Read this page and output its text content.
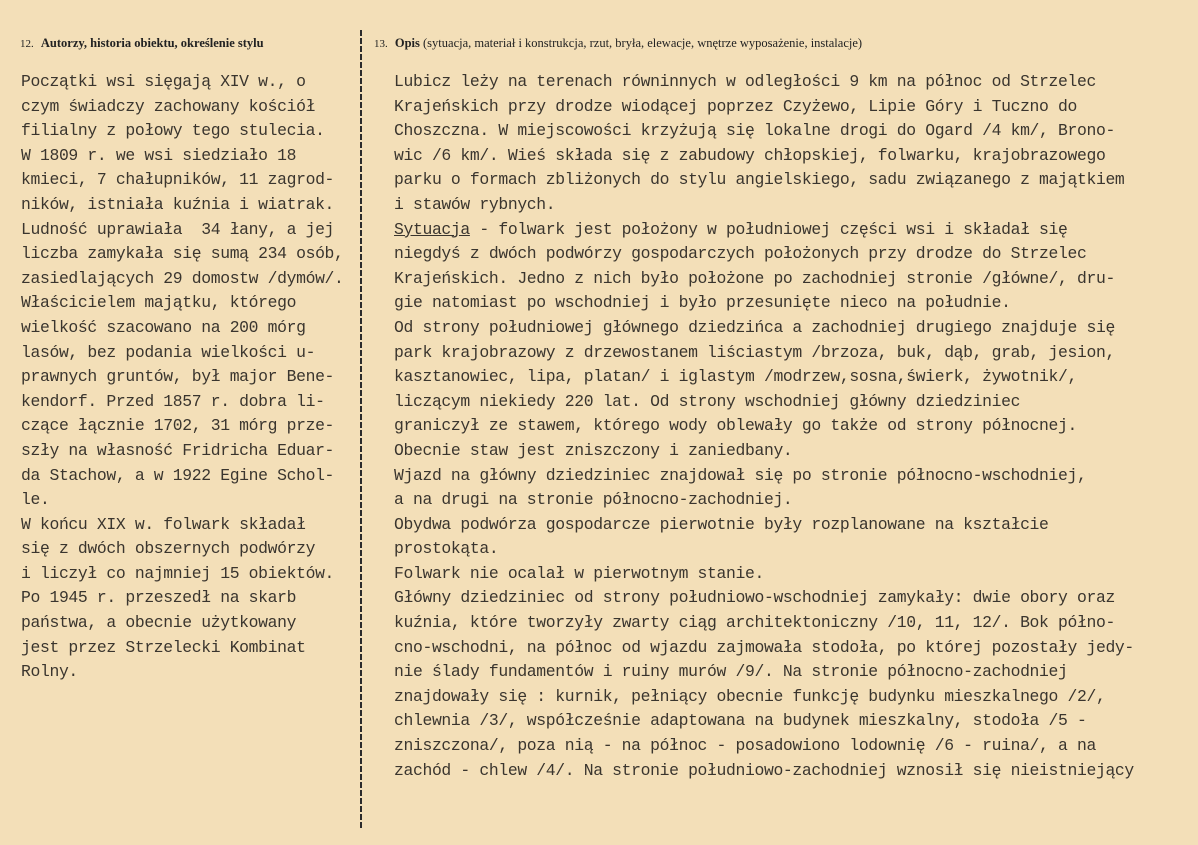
12. Autorzy, historia obiektu, określenie stylu	13. Opis (sytuacja, materiał i konstrukcja, rzut, bryła, elewacje, wnętrze wyposażenie, instalacje)
Początki wsi sięgają XIV w., o
czym świadczy zachowany kościół
filialny z połowy tego stulecia.
W 1809 r. we wsi siedziało 18
kmieci, 7 chałupników, 11 zagrod-
ników, istniała kuźnia i wiatrak.
Ludność uprawiała  34 łany, a jej
liczba zamykała się sumą 234 osób,
zasiedlających 29 domostw /dymów/.
Właścicielem majątku, którego
wielkość szacowano na 200 mórg
lasów, bez podania wielkości u-
prawnych gruntów, był major Bene-
kendorf. Przed 1857 r. dobra li-
czące łącznie 1702, 31 mórg prze-
szły na własność Fridricha Eduar-
da Stachow, a w 1922 Egine Schol-
le.
W końcu XIX w. folwark składał
się z dwóch obszernych podwórzy
i liczył co najmniej 15 obiektów.
Po 1945 r. przeszedł na skarb
państwa, a obecnie użytkowany
jest przez Strzelecki Kombinat
Rolny.
Lubicz leży na terenach równinnych w odległości 9 km na północ od Strzelec
Krajeńskich przy drodze wiodącej poprzez Czyżewo, Lipie Góry i Tuczno do
Choszczna. W miejscowości krzyżują się lokalne drogi do Ogard /4 km/, Brono-
wic /6 km/. Wieś składa się z zabudowy chłopskiej, folwarku, krajobrazowego
parku o formach zbliżonych do stylu angielskiego, sadu związanego z majątkiem
i stawów rybnych.
Sytuacja - folwark jest położony w południowej części wsi i składał się
niegdyś z dwóch podwórzy gospodarczych położonych przy drodze do Strzelec
Krajeńskich. Jedno z nich było położone po zachodniej stronie /główne/, dru-
gie natomiast po wschodniej i było przesunięte nieco na południe.
Od strony południowej głównego dziedzińca a zachodniej drugiego znajduje się
park krajobrazowy z drzewostanem liściastym /brzoza, buk, dąb, grab, jesion,
kasztanowiec, lipa, platan/ i iglastym /modrzew,sosna,świerk, żywotnik/,
liczącym niekiedy 220 lat. Od strony wschodniej główny dziedziniec
graniczył ze stawem, którego wody oblewały go także od strony północnej.
Obecnie staw jest zniszczony i zaniedbany.
Wjazd na główny dziedziniec znajdował się po stronie północno-wschodniej,
a na drugi na stronie północno-zachodniej.
Obydwa podwórza gospodarcze pierwotnie były rozplanowane na kształcie
prostokąta.
Folwark nie ocalał w pierwotnym stanie.
Główny dziedziniec od strony południowo-wschodniej zamykały: dwie obory oraz
kuźnia, które tworzyły zwarty ciąg architektoniczny /10, 11, 12/. Bok półno-
cno-wschodni, na północ od wjazdu zajmowała stodoła, po której pozostały jedy-
nie ślady fundamentów i ruiny murów /9/. Na stronie północno-zachodniej
znajdowały się : kurnik, pełniący obecnie funkcję budynku mieszkalnego /2/,
chlewnia /3/, współcześnie adaptowana na budynek mieszkalny, stodoła /5 -
zniszczona/, poza nią - na północ - posadowiono lodownię /6 - ruina/, a na
zachód - chlew /4/. Na stronie południowo-zachodniej wznosił się nieistniejący
